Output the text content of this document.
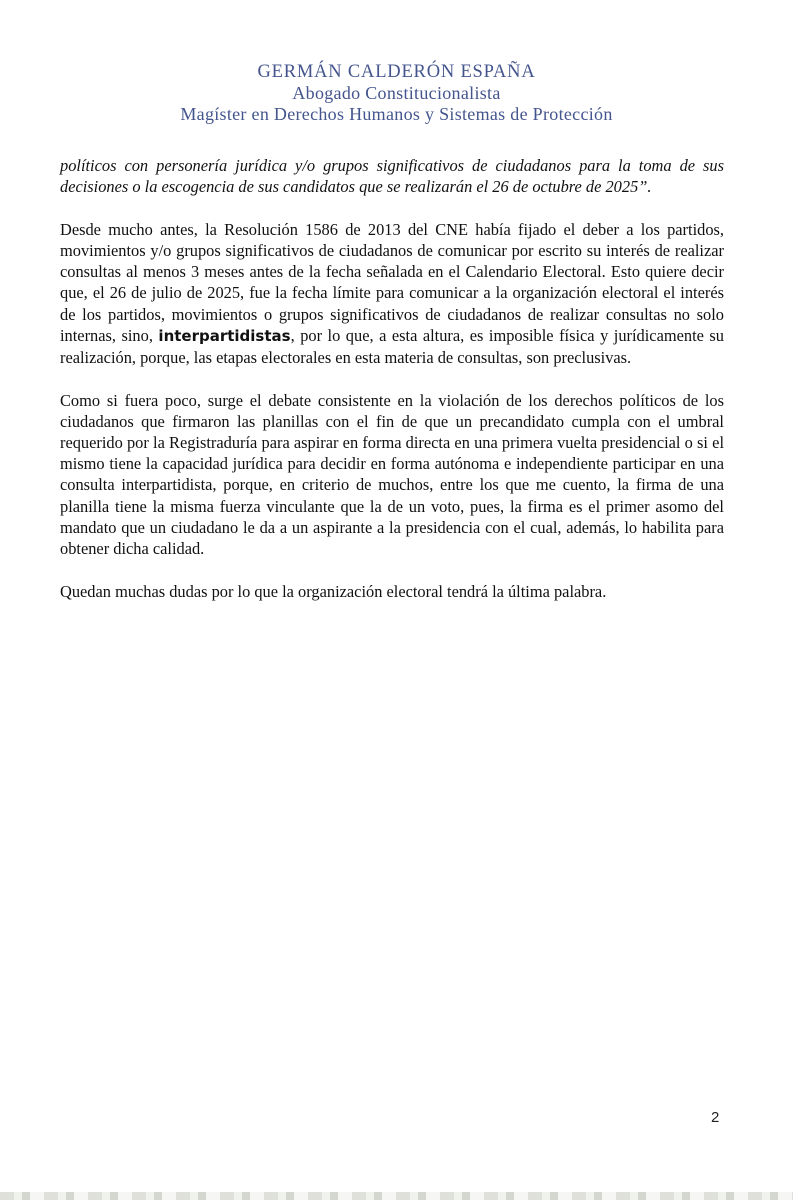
GERMÁN CALDERÓN ESPAÑA
Abogado Constitucionalista
Magíster en Derechos Humanos y Sistemas de Protección

políticos con personería jurídica y/o grupos significativos de ciudadanos para la toma de sus decisiones o la escogencia de sus candidatos que se realizarán el 26 de octubre de 2025”.

Desde mucho antes, la Resolución 1586 de 2013 del CNE había fijado el deber a los partidos, movimientos y/o grupos significativos de ciudadanos de comunicar por escrito su interés de realizar consultas al menos 3 meses antes de la fecha señalada en el Calendario Electoral. Esto quiere decir que, el 26 de julio de 2025, fue la fecha límite para comunicar a la organización electoral el interés de los partidos, movimientos o grupos significativos de ciudadanos de realizar consultas no solo internas, sino, interpartidistas, por lo que, a esta altura, es imposible física y jurídicamente su realización, porque, las etapas electorales en esta materia de consultas, son preclusivas.

Como si fuera poco, surge el debate consistente en la violación de los derechos políticos de los ciudadanos que firmaron las planillas con el fin de que un precandidato cumpla con el umbral requerido por la Registraduría para aspirar en forma directa en una primera vuelta presidencial o si el mismo tiene la capacidad jurídica para decidir en forma autónoma e independiente participar en una consulta interpartidista, porque, en criterio de muchos, entre los que me cuento, la firma de una planilla tiene la misma fuerza vinculante que la de un voto, pues, la firma es el primer asomo del mandato que un ciudadano le da a un aspirante a la presidencia con el cual, además, lo habilita para obtener dicha calidad.

Quedan muchas dudas por lo que la organización electoral tendrá la última palabra.

2
